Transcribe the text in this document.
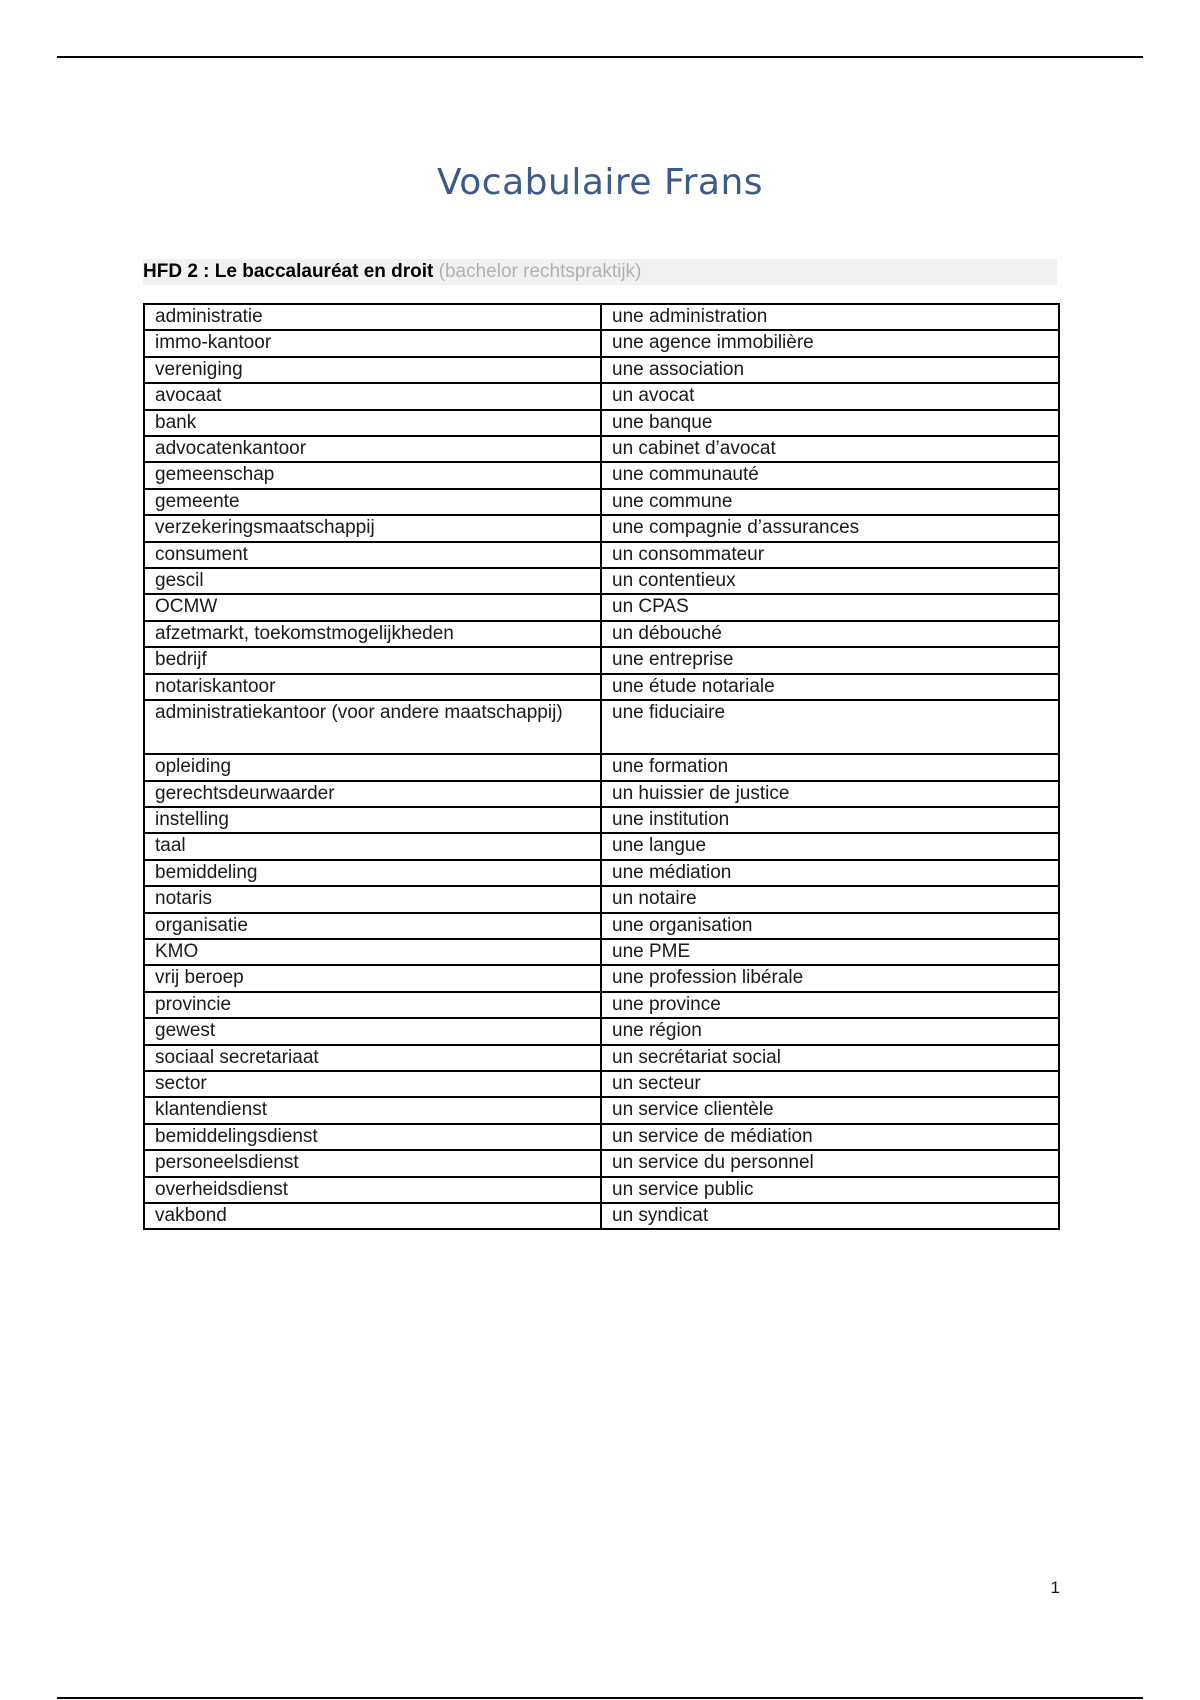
Vocabulaire Frans
HFD 2 : Le baccalauréat en droit (bachelor rechtspraktijk)
administratie	une administration
immo-kantoor	une agence immobilière
vereniging	une association
avocaat	un avocat
bank	une banque
advocatenkantoor	un cabinet d’avocat
gemeenschap	une communauté
gemeente	une commune
verzekeringsmaatschappij	une compagnie d’assurances
consument	un consommateur
gescil	un contentieux
OCMW	un CPAS
afzetmarkt, toekomstmogelijkheden	un débouché
bedrijf	une entreprise
notariskantoor	une étude notariale
administratiekantoor (voor andere maatschappij)	une fiduciaire
opleiding	une formation
gerechtsdeurwaarder	un huissier de justice
instelling	une institution
taal	une langue
bemiddeling	une médiation
notaris	un notaire
organisatie	une organisation
KMO	une PME
vrij beroep	une profession libérale
provincie	une province
gewest	une région
sociaal secretariaat	un secrétariat social
sector	un secteur
klantendienst	un service clientèle
bemiddelingsdienst	un service de médiation
personeelsdienst	un service du personnel
overheidsdienst	un service public
vakbond	un syndicat
1
